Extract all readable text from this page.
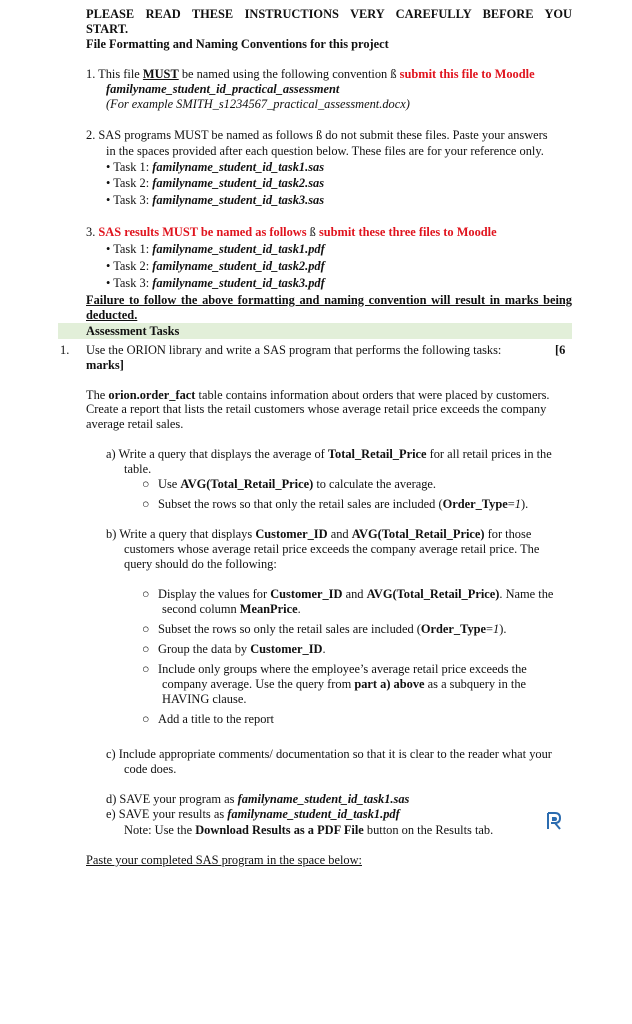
PLEASE READ THESE INSTRUCTIONS VERY CAREFULLY BEFORE YOU
START.
File Formatting and Naming Conventions for this project
1. This file MUST be named using the following convention ß submit this file to Moodle
familyname_student_id_practical_assessment
(For example SMITH_s1234567_practical_assessment.docx)
2. SAS programs MUST be named as follows ß do not submit these files. Paste your answers
in the spaces provided after each question below. These files are for your reference only.
• Task 1: familyname_student_id_task1.sas
• Task 2: familyname_student_id_task2.sas
• Task 3: familyname_student_id_task3.sas
3. SAS results MUST be named as follows ß submit these three files to Moodle
• Task 1: familyname_student_id_task1.pdf
• Task 2: familyname_student_id_task2.pdf
• Task 3: familyname_student_id_task3.pdf
Failure to follow the above formatting and naming convention will result in marks being
deducted.
Assessment Tasks
1. Use the ORION library and write a SAS program that performs the following tasks:	[6
marks]
The orion.order_fact table contains information about orders that were placed by customers.
Create a report that lists the retail customers whose average retail price exceeds the company
average retail sales.
a) Write a query that displays the average of Total_Retail_Price for all retail prices in the
table.
○ Use AVG(Total_Retail_Price) to calculate the average.
○ Subset the rows so that only the retail sales are included (Order_Type=1).
b) Write a query that displays Customer_ID and AVG(Total_Retail_Price) for those
customers whose average retail price exceeds the company average retail price. The
query should do the following:
○ Display the values for Customer_ID and AVG(Total_Retail_Price). Name the
second column MeanPrice.
○ Subset the rows so only the retail sales are included (Order_Type=1).
○ Group the data by Customer_ID.
○ Include only groups where the employee’s average retail price exceeds the
company average. Use the query from part a) above as a subquery in the
HAVING clause.
○ Add a title to the report
c) Include appropriate comments/ documentation so that it is clear to the reader what your
code does.
d) SAVE your program as familyname_student_id_task1.sas
e) SAVE your results as familyname_student_id_task1.pdf
Note: Use the Download Results as a PDF File button on the Results tab.
Paste your completed SAS program in the space below:
